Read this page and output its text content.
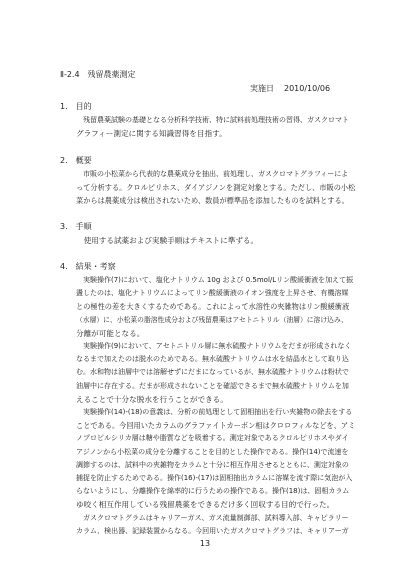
Ⅱ-2.4　残留農薬測定
実施日 2010/10/06
1.　目的
　残留農薬試験の基礎となる分析科学技術、特に試料前処理技術の習得、ガスクロマト
グラフィー測定に関する知識習得を目指す。
2.　概要
　市販の小松菜から代表的な農薬成分を抽出、前処理し、ガスクロマトグラフィーによ
って分析する。クロルピリホス、ダイアジノンを測定対象とする。ただし、市販の小松
菜からは農薬成分は検出されないため、数員が標準品を添加したものを試料とする。
3.　手順
　使用する試薬および実験手順はテキストに準ずる。
4.　結果・考察
　実験操作(7)において、塩化ナトリウム 10g および 0.5mol/Lリン酸緩衝液を加えて振
盪したのは、塩化ナトリウムによってリン酸緩衝液のイオン強度を上昇させ、有機溶媒
との極性の差を大きくするためである。これによって水溶性の夾雑物はリン酸緩衝液
（水層）に、小松菜の脂溶性成分および残留農薬はアセトニトリル（油層）に溶け込み、
分離が可能となる。
　実験操作(9)において、アセトニトリル層に無水硫酸ナトリウムをだまが形成されなく
なるまで加えたのは脱水のためである。無水硫酸ナトリウムは水を結晶水として取り込
む。水和物は油層中では溶解せずにだまになっているが、無水硫酸ナトリウムは粉状で
油層中に存在する。だまが形成されないことを確認できるまで無水硫酸ナトリウムを加
えることで十分な脱水を行うことができる。
　実験操作(14)-(18)の意義は、分析の前処理として固相抽出を行い夾雑物の除去をする
ことである。今回用いたカラムのグラファイトカーボン相はクロロフィルなどを、アミ
ノプロピルシリカ層は糖や脂質などを吸着する。測定対象であるクロルピリホスやダイ
アジノンから小松菜の成分を分離することを目的とした操作である。操作(14)で流速を
調節するのは、試料中の夾雑物をカラムと十分に相互作用させるとともに、測定対象の
捕捉を防止するためである。操作(16)-(17)は固相抽出カラムに溶媒を流す際に気泡が入
らないようにし、分離操作を綿率的に行うための操作である。操作(18)は、固相カラム
ゆ咬く相互作用している残留農薬をできるだけ多く回収する目的で行った。
　ガスクロマトグラムはキャリアーガス、ガス流量制御部、試料導入部、キャピラリー
カラム、検出器、記録装置からなる。今回用いたガスクロマトグラフは、キャリアーガ
13
